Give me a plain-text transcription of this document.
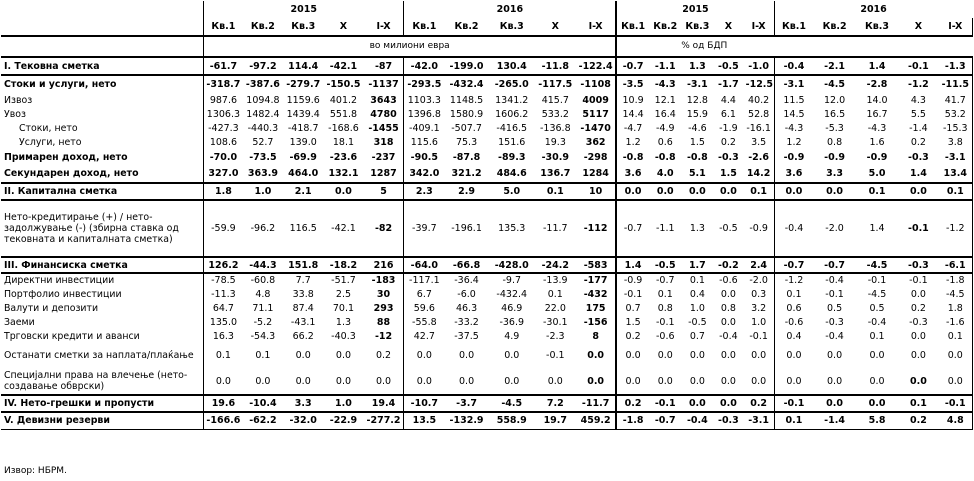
	2015					2016					2015					2016				
	Кв.1	Кв.2	Кв.3	X	I-X	Кв.1	Кв.2	Кв.3	X	I-X	Кв.1	Кв.2	Кв.3	X	I-X	Кв.1	Кв.2	Кв.3	X	I-X
	во милиони евра										% од БДП									
I. Тековна сметка	-61.7	-97.2	114.4	-42.1	-87	-42.0	-199.0	130.4	-11.8	-122.4	-0.7	-1.1	1.3	-0.5	-1.0	-0.4	-2.1	1.4	-0.1	-1.3
Стоки и услуги, нето	-318.7	-387.6	-279.7	-150.5	-1137	-293.5	-432.4	-265.0	-117.5	-1108	-3.5	-4.3	-3.1	-1.7	-12.5	-3.1	-4.5	-2.8	-1.2	-11.5
Извоз	987.6	1094.8	1159.6	401.2	3643	1103.3	1148.5	1341.2	415.7	4009	10.9	12.1	12.8	4.4	40.2	11.5	12.0	14.0	4.3	41.7
Увоз	1306.3	1482.4	1439.4	551.8	4780	1396.8	1580.9	1606.2	533.2	5117	14.4	16.4	15.9	6.1	52.8	14.5	16.5	16.7	5.5	53.2
Стоки, нето	-427.3	-440.3	-418.7	-168.6	-1455	-409.1	-507.7	-416.5	-136.8	-1470	-4.7	-4.9	-4.6	-1.9	-16.1	-4.3	-5.3	-4.3	-1.4	-15.3
Услуги, нето	108.6	52.7	139.0	18.1	318	115.6	75.3	151.6	19.3	362	1.2	0.6	1.5	0.2	3.5	1.2	0.8	1.6	0.2	3.8
Примарен доход, нето	-70.0	-73.5	-69.9	-23.6	-237	-90.5	-87.8	-89.3	-30.9	-298	-0.8	-0.8	-0.8	-0.3	-2.6	-0.9	-0.9	-0.9	-0.3	-3.1
Секундарен доход, нето	327.0	363.9	464.0	132.1	1287	342.0	321.2	484.6	136.7	1284	3.6	4.0	5.1	1.5	14.2	3.6	3.3	5.0	1.4	13.4
II. Капитална сметка	1.8	1.0	2.1	0.0	5	2.3	2.9	5.0	0.1	10	0.0	0.0	0.0	0.0	0.1	0.0	0.0	0.1	0.0	0.1
Нето-кредитирање (+) / нето-задолжување (-) (збирна ставка од тековната и капиталната сметка)	-59.9	-96.2	116.5	-42.1	-82	-39.7	-196.1	135.3	-11.7	-112	-0.7	-1.1	1.3	-0.5	-0.9	-0.4	-2.0	1.4	-0.1	-1.2
III. Финансиска сметка	126.2	-44.3	151.8	-18.2	216	-64.0	-66.8	-428.0	-24.2	-583	1.4	-0.5	1.7	-0.2	2.4	-0.7	-0.7	-4.5	-0.3	-6.1
Директни инвестиции	-78.5	-60.8	7.7	-51.7	-183	-117.1	-36.4	-9.7	-13.9	-177	-0.9	-0.7	0.1	-0.6	-2.0	-1.2	-0.4	-0.1	-0.1	-1.8
Портфолио инвестиции	-11.3	4.8	33.8	2.5	30	6.7	-6.0	-432.4	0.1	-432	-0.1	0.1	0.4	0.0	0.3	0.1	-0.1	-4.5	0.0	-4.5
Валути и депозити	64.7	71.1	87.4	70.1	293	59.6	46.3	46.9	22.0	175	0.7	0.8	1.0	0.8	3.2	0.6	0.5	0.5	0.2	1.8
Заеми	135.0	-5.2	-43.1	1.3	88	-55.8	-33.2	-36.9	-30.1	-156	1.5	-0.1	-0.5	0.0	1.0	-0.6	-0.3	-0.4	-0.3	-1.6
Трговски кредити и аванси	16.3	-54.3	66.2	-40.3	-12	42.7	-37.5	4.9	-2.3	8	0.2	-0.6	0.7	-0.4	-0.1	0.4	-0.4	0.1	0.0	0.1
Останати сметки за наплата/плаќање	0.1	0.1	0.0	0.0	0.2	0.0	0.0	0.0	-0.1	0.0	0.0	0.0	0.0	0.0	0.0	0.0	0.0	0.0	0.0	0.0
Специјални права на влечење (нето-создавање обврски)	0.0	0.0	0.0	0.0	0.0	0.0	0.0	0.0	0.0	0.0	0.0	0.0	0.0	0.0	0.0	0.0	0.0	0.0	0.0	0.0
IV. Нето-грешки и пропусти	19.6	-10.4	3.3	1.0	19.4	-10.7	-3.7	-4.5	7.2	-11.7	0.2	-0.1	0.0	0.0	0.2	-0.1	0.0	0.0	0.1	-0.1
V. Девизни резерви	-166.6	-62.2	-32.0	-22.9	-277.2	13.5	-132.9	558.9	19.7	459.2	-1.8	-0.7	-0.4	-0.3	-3.1	0.1	-1.4	5.8	0.2	4.8
Извор: НБРМ.
